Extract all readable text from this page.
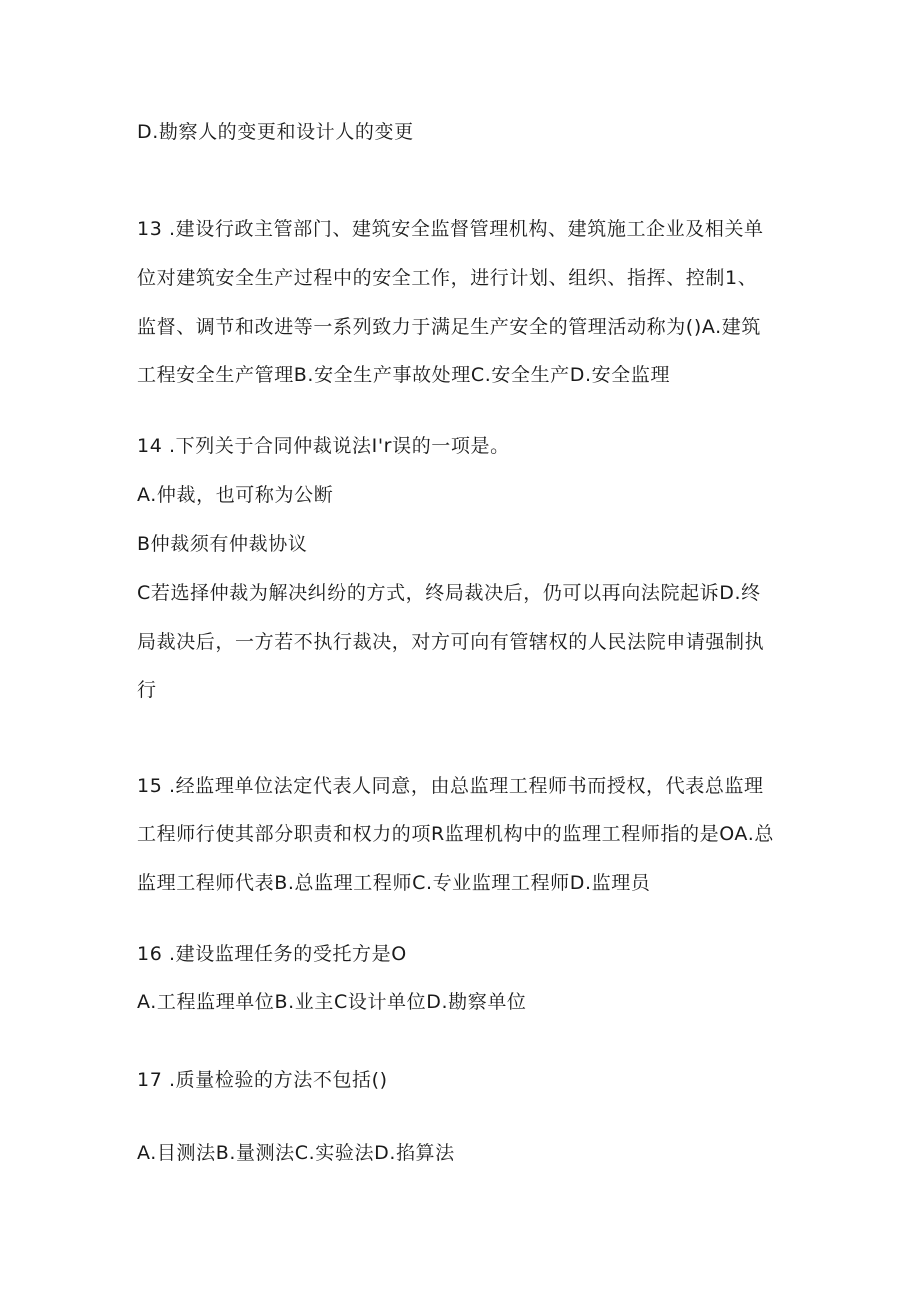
D.勘察人的变更和设计人的变更
13 .建设行政主管部门、建筑安全监督管理机构、建筑施工企业及相关单
位对建筑安全生产过程中的安全工作，进行计划、组织、指挥、控制1、
监督、调节和改进等一系列致力于满足生产安全的管理活动称为()A.建筑
工程安全生产管理B.安全生产事故处理C.安全生产D.安全监理
14 .下列关于合同仲裁说法I'r误的一项是。
A.仲裁，也可称为公断
B仲裁须有仲裁协议
C若选择仲裁为解决纠纷的方式，终局裁决后，仍可以再向法院起诉D.终
局裁决后，一方若不执行裁决，对方可向有管辖权的人民法院申请强制执
行
15 .经监理单位法定代表人同意，由总监理工程师书而授权，代表总监理
工程师行使其部分职责和权力的项R监理机构中的监理工程师指的是OA.总
监理工程师代表B.总监理工程师C.专业监理工程师D.监理员
16 .建设监理任务的受托方是O
A.工程监理单位B.业主C设计单位D.勘察单位
17 .质量检验的方法不包括()
A.目测法B.量测法C.实验法D.掐算法
